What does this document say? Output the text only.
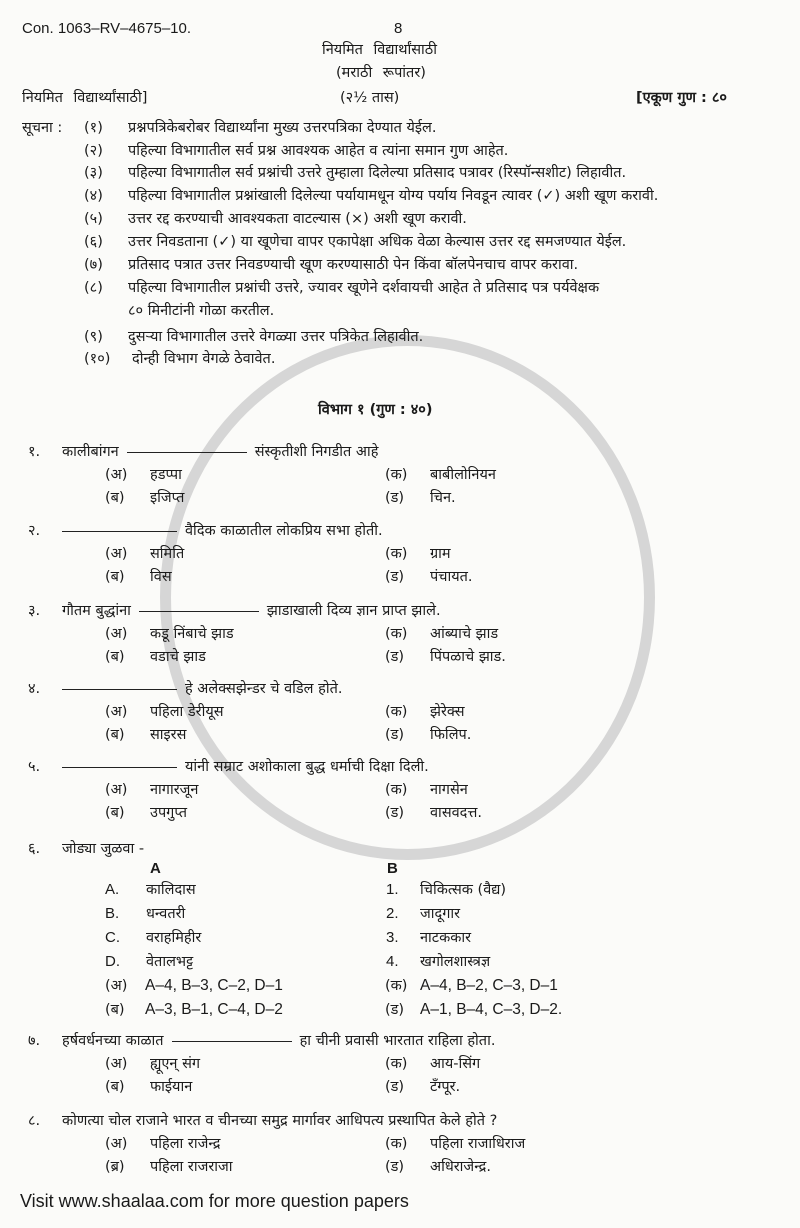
Con. 1063–RV–4675–10.	8
नियमित विद्यार्थांसाठी
(मराठी रूपांतर)
नियमित विद्यार्थ्यांसाठी]	(२½ तास)	[एकूण गुण : ८०
सूचना :
विभाग १ (गुण : ४०)
Visit www.shaalaa.com for more question papers
(१) प्रश्नपत्रिकेबरोबर विद्यार्थ्यांना मुख्य उत्तरपत्रिका देण्यात येईल.
(२) पहिल्या विभागातील सर्व प्रश्न आवश्यक आहेत व त्यांना समान गुण आहेत.
(३) पहिल्या विभागातील सर्व प्रश्नांची उत्तरे तुम्हाला दिलेल्या प्रतिसाद पत्रावर (रिस्पॉन्सशीट) लिहावीत.
(४) पहिल्या विभागातील प्रश्नांखाली दिलेल्या पर्यायामधून योग्य पर्याय निवडून त्यावर (✓) अशी खूण करावी.
(५) उत्तर रद्द करण्याची आवश्यकता वाटल्यास (×) अशी खूण करावी.
(६) उत्तर निवडताना (✓) या खूणेचा वापर एकापेक्षा अधिक वेळा केल्यास उत्तर रद्द समजण्यात येईल.
(७) प्रतिसाद पत्रात उत्तर निवडण्याची खूण करण्यासाठी पेन किंवा बॉलपेनचाच वापर करावा.
(८) पहिल्या विभागातील प्रश्नांची उत्तरे, ज्यावर खूणेने दर्शवायची आहेत ते प्रतिसाद पत्र पर्यवेक्षक
८० मिनीटांनी गोळा करतील.
(९) दुसऱ्या विभागातील उत्तरे वेगळ्या उत्तर पत्रिकेत लिहावीत.
(१०) दोन्ही विभाग वेगळे ठेवावेत.
१. कालीबांगन	संस्कृतीशी निगडीत आहे
(अ) हडप्पा	(क) बाबीलोनियन
(ब) इजिप्त	(ड) चिन.
२.	वैदिक काळातील लोकप्रिय सभा होती.
(अ) समिति	(क) ग्राम
(ब) विस	(ड) पंचायत.
३. गौतम बुद्धांना	झाडाखाली दिव्य ज्ञान प्राप्त झाले.
(अ) कडू निंबाचे झाड	(क) आंब्याचे झाड
(ब) वडाचे झाड	(ड) पिंपळाचे झाड.
४.	हे अलेक्सझेन्डर चे वडिल होते.
(अ) पहिला डेरीयूस	(क) झेरेक्स
(ब) साइरस	(ड) फिलिप.
५.	यांनी सम्राट अशोकाला बुद्ध धर्माची दिक्षा दिली.
(अ) नागारजून	(क) नागसेन
(ब) उपगुप्त	(ड) वासवदत्त.
६. जोड्या जुळवा -
A	B
A. कालिदास	1. चिकित्सक (वैद्य)
B. धन्वतरी	2. जादूगार
C. वराहमिहीर	3. नाटककार
D. वेतालभट्ट	4. खगोलशास्त्रज्ञ
(अ) A–4, B–3, C–2, D–1	(क) A–4, B–2, C–3, D–1
(ब) A–3, B–1, C–4, D–2	(ड) A–1, B–4, C–3, D–2.
७. हर्षवर्धनच्या काळात	हा चीनी प्रवासी भारतात राहिला होता.
(अ) ह्यूएन् संग	(क) आय-सिंग
(ब) फाईयान	(ड) टँग्पूर.
८. कोणत्या चोल राजाने भारत व चीनच्या समुद्र मार्गावर आधिपत्य प्रस्थापित केले होते ?
(अ) पहिला राजेन्द्र	(क) पहिला राजाधिराज
(ब्र) पहिला राजराजा	(ड) अधिराजेन्द्र.
